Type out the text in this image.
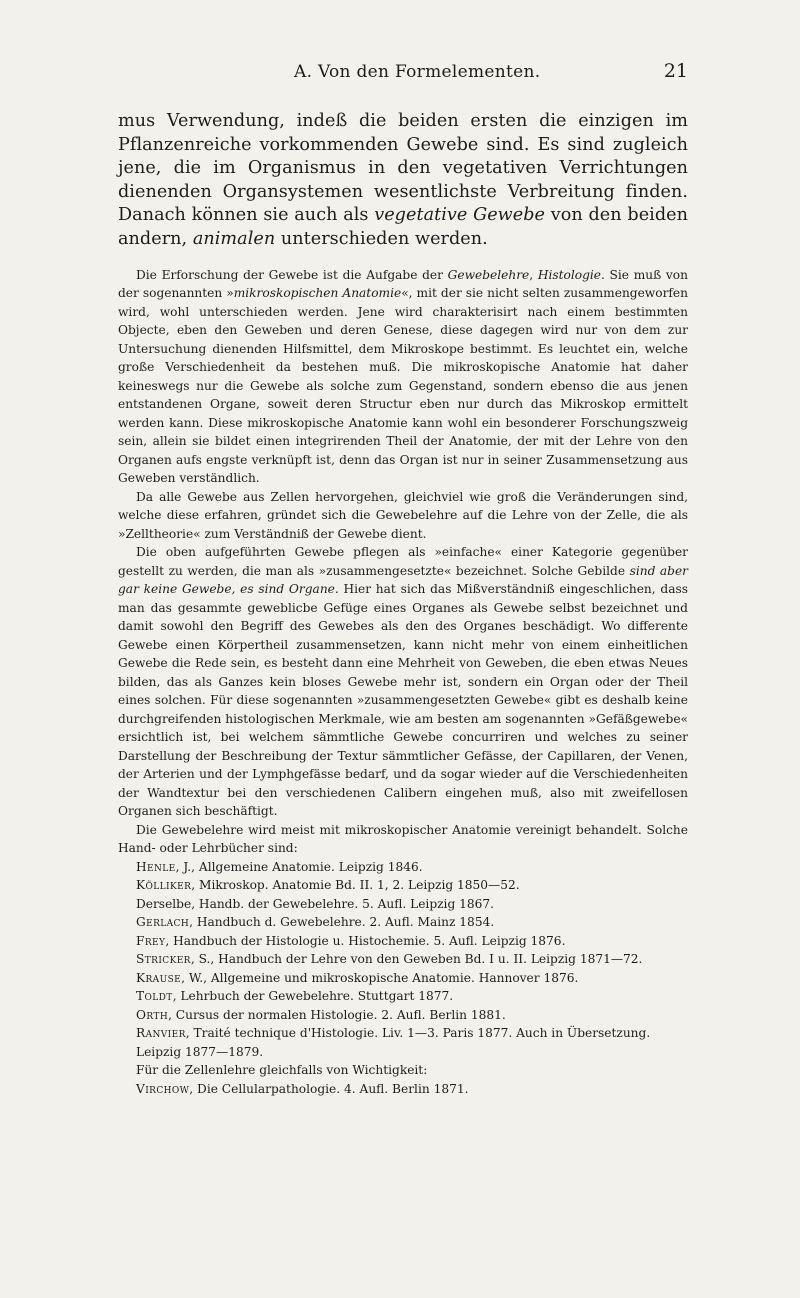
A. Von den Formelementen.	21

mus Verwendung, indeß die beiden ersten die einzigen im Pflanzenreiche vorkommenden Gewebe sind. Es sind zugleich jene, die im Organismus in den vegetativen Verrichtungen dienenden Organsystemen wesentlichste Verbreitung finden. Danach können sie auch als vegetative Gewebe von den beiden andern, animalen unterschieden werden.

Die Erforschung der Gewebe ist die Aufgabe der Gewebelehre, Histologie. Sie muß von der sogenannten »mikroskopischen Anatomie«, mit der sie nicht selten zusammengeworfen wird, wohl unterschieden werden. Jene wird charakterisirt nach einem bestimmten Objecte, eben den Geweben und deren Genese, diese dagegen wird nur von dem zur Untersuchung dienenden Hilfsmittel, dem Mikroskope bestimmt. Es leuchtet ein, welche große Verschiedenheit da bestehen muß. Die mikroskopische Anatomie hat daher keineswegs nur die Gewebe als solche zum Gegenstand, sondern ebenso die aus jenen entstandenen Organe, soweit deren Structur eben nur durch das Mikroskop ermittelt werden kann. Diese mikroskopische Anatomie kann wohl ein besonderer Forschungszweig sein, allein sie bildet einen integrirenden Theil der Anatomie, der mit der Lehre von den Organen aufs engste verknüpft ist, denn das Organ ist nur in seiner Zusammensetzung aus Geweben verständlich.

Da alle Gewebe aus Zellen hervorgehen, gleichviel wie groß die Veränderungen sind, welche diese erfahren, gründet sich die Gewebelehre auf die Lehre von der Zelle, die als »Zelltheorie« zum Verständniß der Gewebe dient.

Die oben aufgeführten Gewebe pflegen als »einfache« einer Kategorie gegenüber gestellt zu werden, die man als »zusammengesetzte« bezeichnet. Solche Gebilde sind aber gar keine Gewebe, es sind Organe. Hier hat sich das Mißverständniß eingeschlichen, dass man das gesammte geweblicbe Gefüge eines Organes als Gewebe selbst bezeichnet und damit sowohl den Begriff des Gewebes als den des Organes beschädigt. Wo differente Gewebe einen Körpertheil zusammensetzen, kann nicht mehr von einem einheitlichen Gewebe die Rede sein, es besteht dann eine Mehrheit von Geweben, die eben etwas Neues bilden, das als Ganzes kein bloses Gewebe mehr ist, sondern ein Organ oder der Theil eines solchen. Für diese sogenannten »zusammengesetzten Gewebe« gibt es deshalb keine durchgreifenden histologischen Merkmale, wie am besten am sogenannten »Gefäßgewebe« ersichtlich ist, bei welchem sämmtliche Gewebe concurriren und welches zu seiner Darstellung der Beschreibung der Textur sämmtlicher Gefässe, der Capillaren, der Venen, der Arterien und der Lymphgefässe bedarf, und da sogar wieder auf die Verschiedenheiten der Wandtextur bei den verschiedenen Calibern eingehen muß, also mit zweifellosen Organen sich beschäftigt.

Die Gewebelehre wird meist mit mikroskopischer Anatomie vereinigt behandelt. Solche Hand- oder Lehrbücher sind:

Henle, J., Allgemeine Anatomie. Leipzig 1846.
Kölliker, Mikroskop. Anatomie Bd. II. 1, 2. Leipzig 1850—52.
Derselbe, Handb. der Gewebelehre. 5. Aufl. Leipzig 1867.
Gerlach, Handbuch d. Gewebelehre. 2. Aufl. Mainz 1854.
Frey, Handbuch der Histologie u. Histochemie. 5. Aufl. Leipzig 1876.
Stricker, S., Handbuch der Lehre von den Geweben Bd. I u. II. Leipzig 1871—72.
Krause, W., Allgemeine und mikroskopische Anatomie. Hannover 1876.
Toldt, Lehrbuch der Gewebelehre. Stuttgart 1877.
Orth, Cursus der normalen Histologie. 2. Aufl. Berlin 1881.
Ranvier, Traité technique d'Histologie. Liv. 1—3. Paris 1877. Auch in Übersetzung. Leipzig 1877—1879.

Für die Zellenlehre gleichfalls von Wichtigkeit:

Virchow, Die Cellularpathologie. 4. Aufl. Berlin 1871.
